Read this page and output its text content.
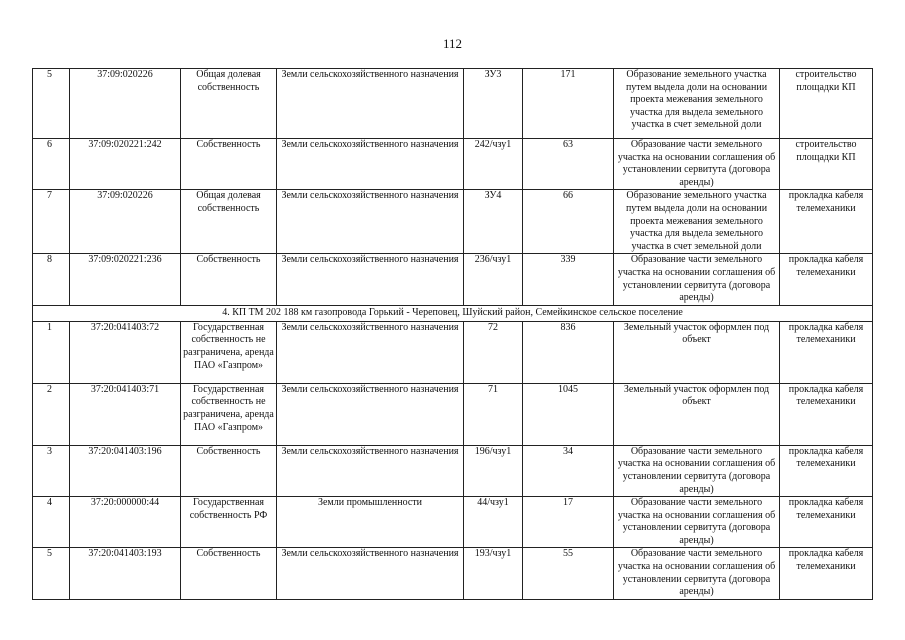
112
5	37:09:020226	Общая долевая собственность	Земли сельскохозяйственного назначения	ЗУ3	171	Образование земельного участка путем выдела доли на основании проекта межевания земельного участка для выдела земельного участка в счет земельной доли	строительство площадки КП
6	37:09:020221:242	Собственность	Земли сельскохозяйственного назначения	242/чзу1	63	Образование части земельного участка на основании соглашения об установлении сервитута (договора аренды)	строительство площадки КП
7	37:09:020226	Общая долевая собственность	Земли сельскохозяйственного назначения	ЗУ4	66	Образование земельного участка путем выдела доли на основании проекта межевания земельного участка для выдела земельного участка в счет земельной доли	прокладка кабеля телемеханики
8	37:09:020221:236	Собственность	Земли сельскохозяйственного назначения	236/чзу1	339	Образование части земельного участка на основании соглашения об установлении сервитута (договора аренды)	прокладка кабеля телемеханики
4. КП ТМ 202 188 км газопровода Горький - Череповец, Шуйский район, Семейкинское сельское поселение							
1	37:20:041403:72	Государственная собственность не разграничена, аренда ПАО «Газпром»	Земли сельскохозяйственного назначения	72	836	Земельный участок оформлен под объект	прокладка кабеля телемеханики
2	37:20:041403:71	Государственная собственность не разграничена, аренда ПАО «Газпром»	Земли сельскохозяйственного назначения	71	1045	Земельный участок оформлен под объект	прокладка кабеля телемеханики
3	37:20:041403:196	Собственность	Земли сельскохозяйственного назначения	196/чзу1	34	Образование части земельного участка на основании соглашения об установлении сервитута (договора аренды)	прокладка кабеля телемеханики
4	37:20:000000:44	Государственная собственность РФ	Земли промышленности	44/чзу1	17	Образование части земельного участка на основании соглашения об установлении сервитута (договора аренды)	прокладка кабеля телемеханики
5	37:20:041403:193	Собственность	Земли сельскохозяйственного назначения	193/чзу1	55	Образование части земельного участка на основании соглашения об установлении сервитута (договора аренды)	прокладка кабеля телемеханики
